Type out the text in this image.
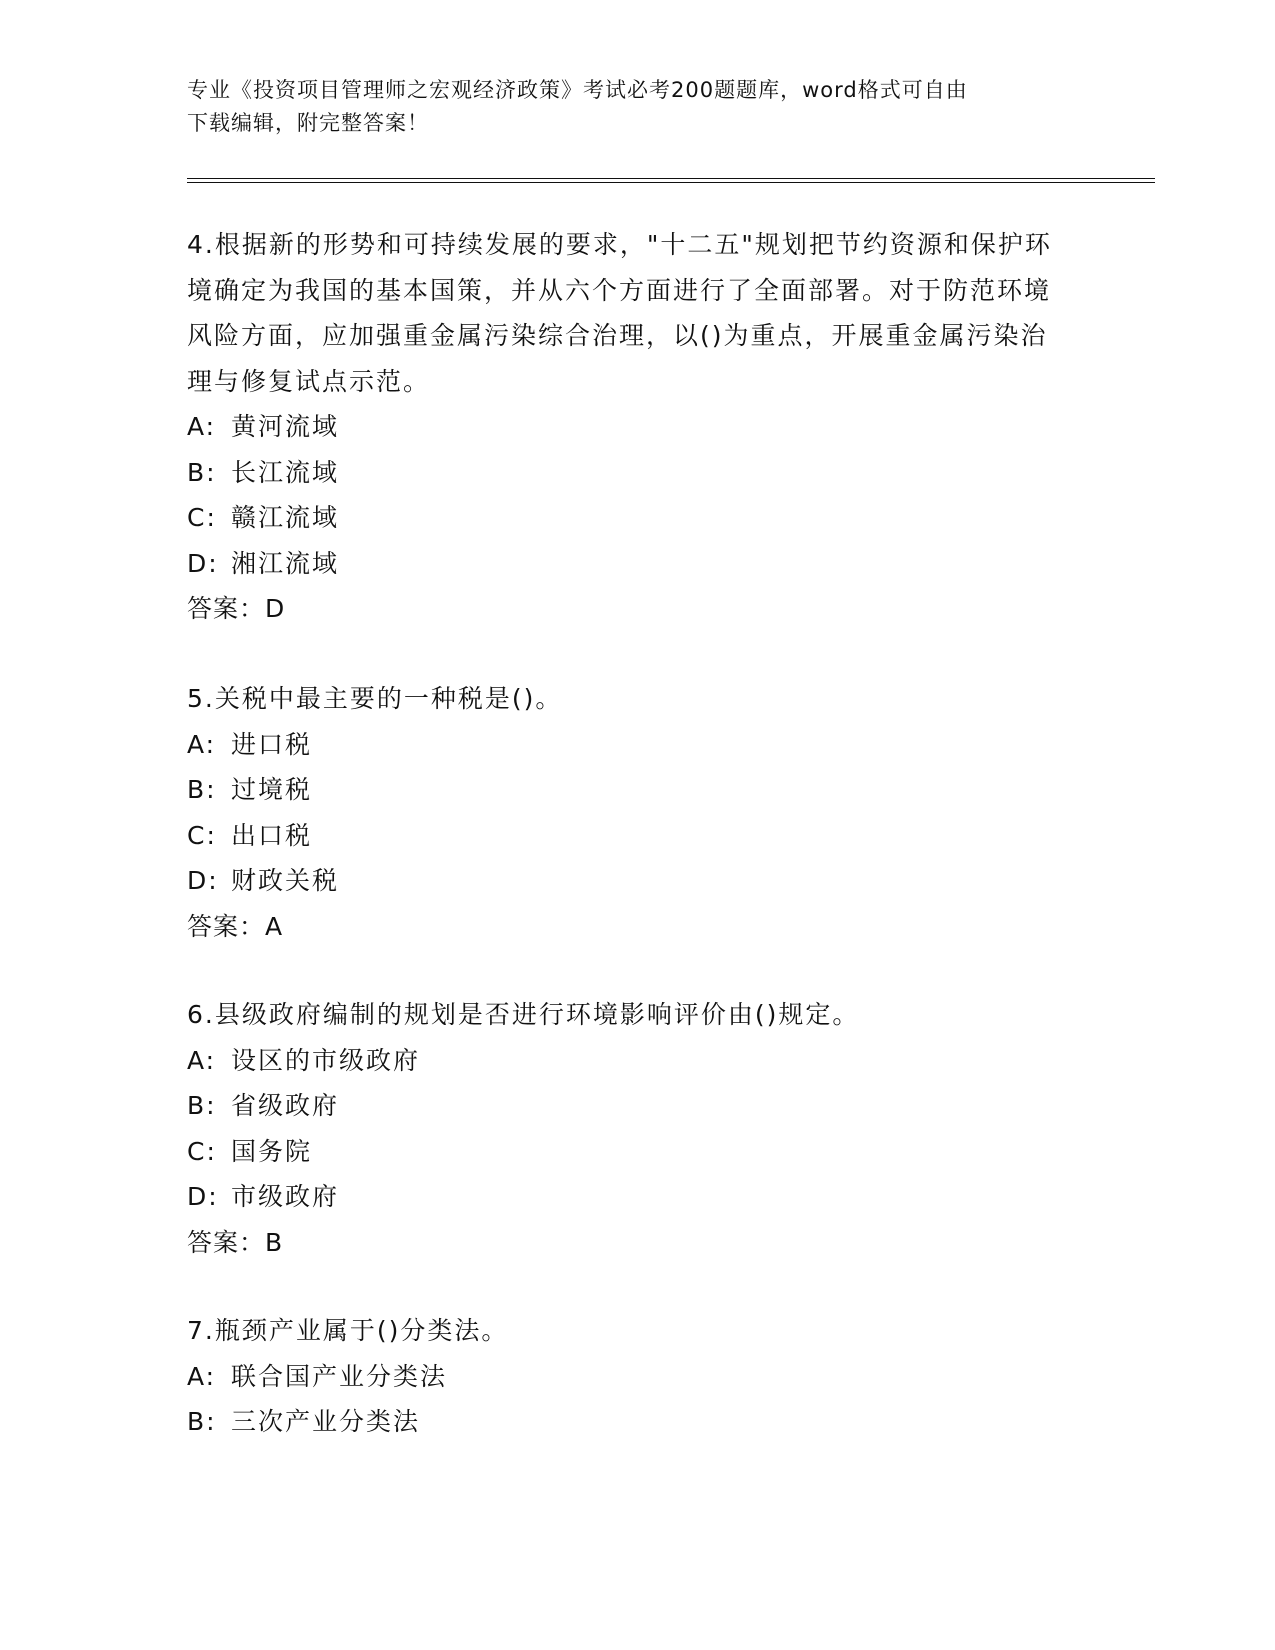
专业《投资项目管理师之宏观经济政策》考试必考200题题库，word格式可自由
下载编辑，附完整答案！

4.根据新的形势和可持续发展的要求，"十二五"规划把节约资源和保护环境确定为我国的基本国策，并从六个方面进行了全面部署。对于防范环境风险方面，应加强重金属污染综合治理，以()为重点，开展重金属污染治理与修复试点示范。

A: 黄河流域

B: 长江流域

C: 赣江流域

D: 湘江流域

答案：D

5.关税中最主要的一种税是()。

A: 进口税

B: 过境税

C: 出口税

D: 财政关税

答案：A

6.县级政府编制的规划是否进行环境影响评价由()规定。

A: 设区的市级政府

B: 省级政府

C: 国务院

D: 市级政府

答案：B

7.瓶颈产业属于()分类法。

A: 联合国产业分类法

B: 三次产业分类法
